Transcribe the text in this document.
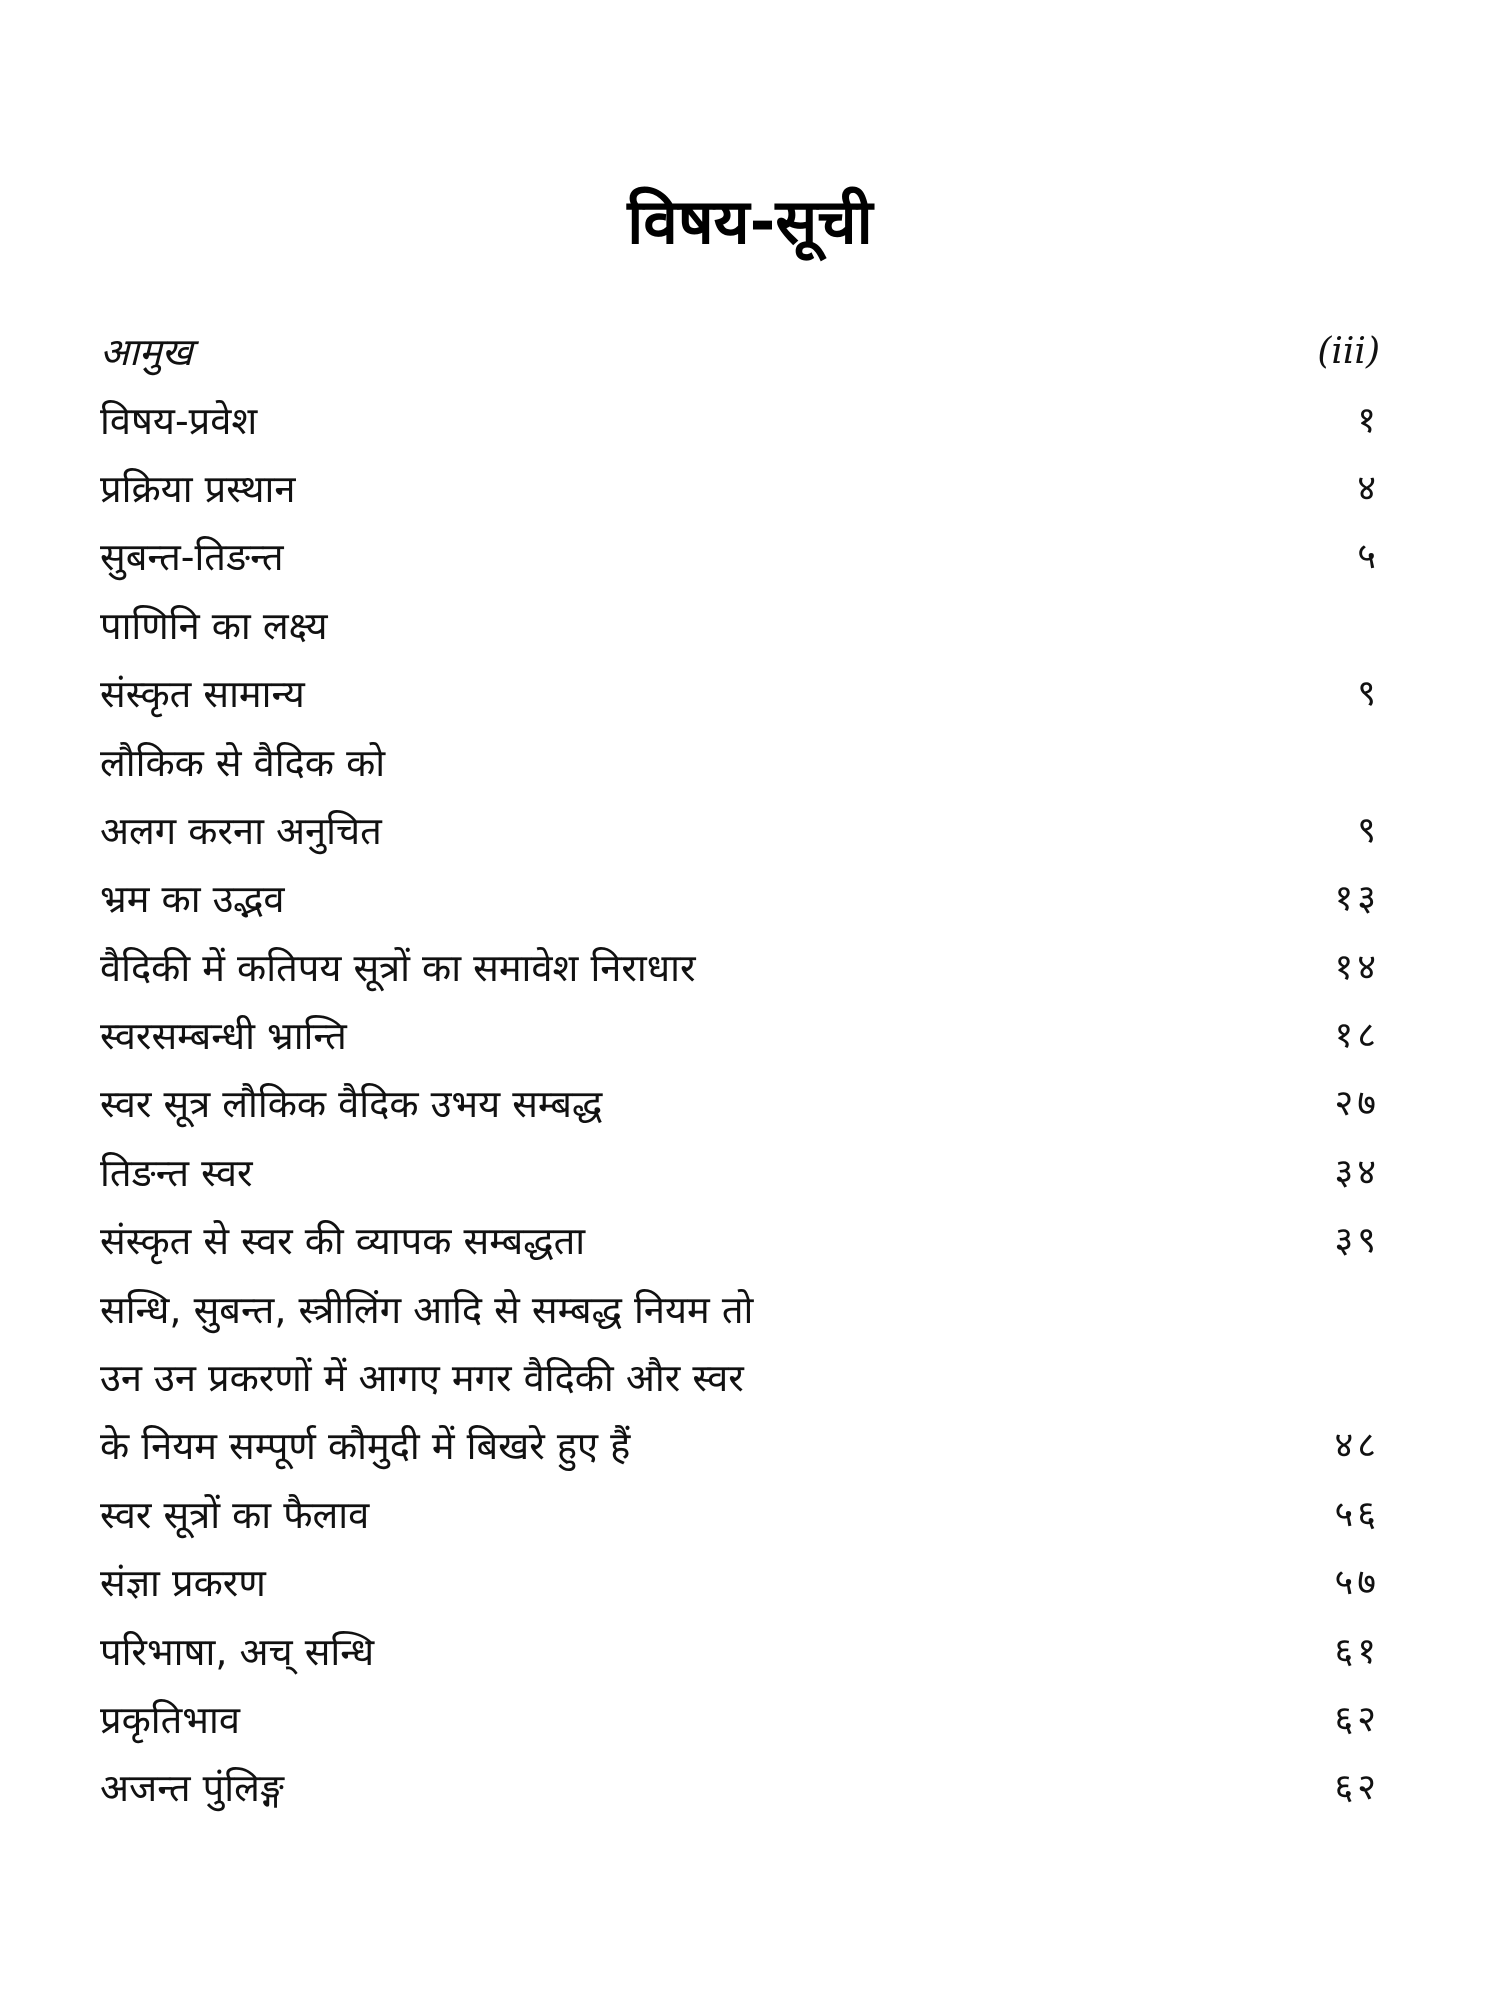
विषय-सूची
आमुख	(iii)
विषय-प्रवेश	१
प्रक्रिया प्रस्थान	४
सुबन्त-तिङन्त	५
पाणिनि का लक्ष्य
संस्कृत सामान्य	९
लौकिक से वैदिक को
अलग करना अनुचित	९
भ्रम का उद्भव	१३
वैदिकी में कतिपय सूत्रों का समावेश निराधार	१४
स्वरसम्बन्धी भ्रान्ति	१८
स्वर सूत्र लौकिक वैदिक उभय सम्बद्ध	२७
तिङन्त स्वर	३४
संस्कृत से स्वर की व्यापक सम्बद्धता	३९
सन्धि, सुबन्त, स्त्रीलिंग आदि से सम्बद्ध नियम तो
उन उन प्रकरणों में आगए मगर वैदिकी और स्वर
के नियम सम्पूर्ण कौमुदी में बिखरे हुए हैं	४८
स्वर सूत्रों का फैलाव	५६
संज्ञा प्रकरण	५७
परिभाषा, अच् सन्धि	६१
प्रकृतिभाव	६२
अजन्त पुंलिङ्ग	६२
